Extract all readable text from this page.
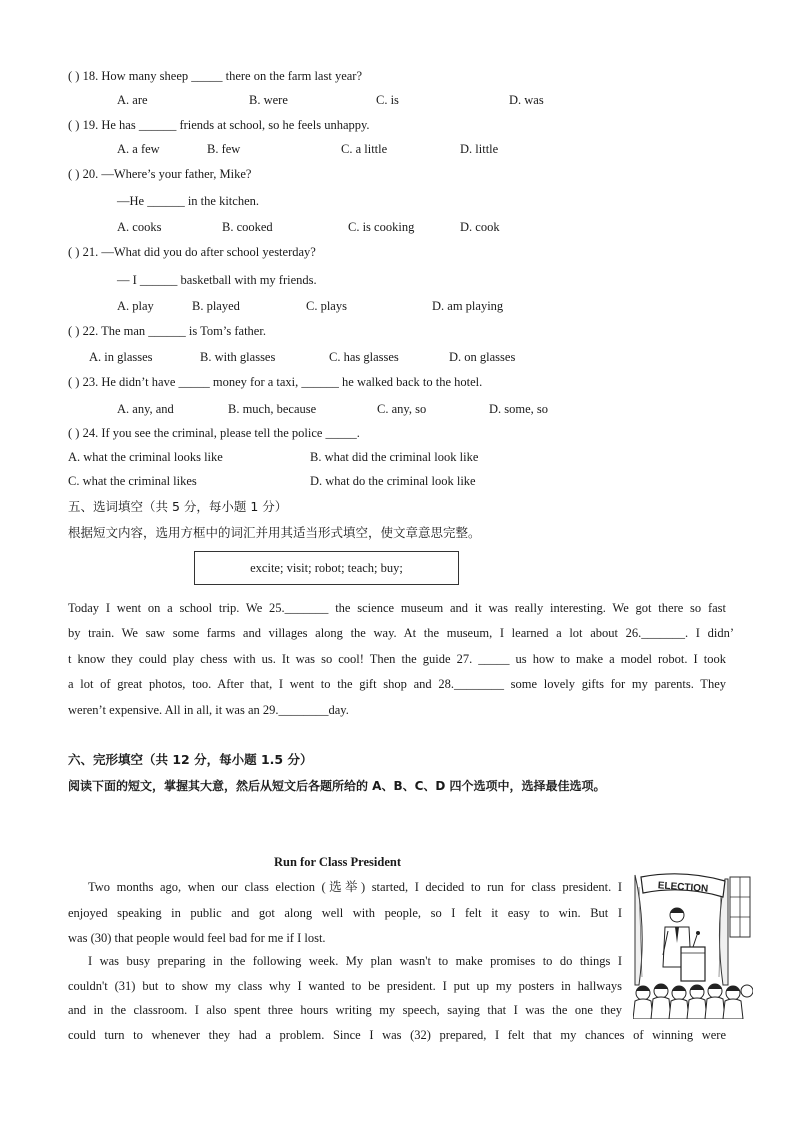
( ) 18. How many sheep _____ there on the farm last year?
A. are	B. were	C. is	D. was
( ) 19. He has ______ friends at school, so he feels unhappy.
A. a few	B. few	C. a little	D. little
( ) 20. —Where’s your father, Mike?
—He ______ in the kitchen.
A. cooks	B. cooked	C. is cooking	D. cook
( ) 21. —What did you do after school yesterday?
— I ______ basketball with my friends.
A. play	B. played	C. plays	D. am playing
( ) 22. The man ______ is Tom’s father.
A. in glasses	B. with glasses	C. has glasses	D. on glasses
( ) 23. He didn’t have _____ money for a taxi, ______ he walked back to the hotel.
A. any, and	B. much, because	C. any, so	D. some, so
( ) 24. If you see the criminal, please tell the police _____.
A. what the criminal looks like	B. what did the criminal look like
C. what the criminal likes	D. what do the criminal look like
五、选词填空（共 5 分，每小题 1 分）
根据短文内容，选用方框中的词汇并用其适当形式填空，使文章意思完整。
excite; visit; robot; teach; buy;
Today I went on a school trip. We 25._______ the science museum and it was really interesting. We got there so fast
by train. We saw some farms and villages along the way. At the museum, I learned a lot about 26._______. I didn’
t know they could play chess with us. It was so cool! Then the guide 27. _____ us how to make a model robot. I took
a lot of great photos, too. After that, I went to the gift shop and 28.________ some lovely gifts for my parents. They
weren’t expensive. All in all, it was an 29.________day.
六、完形填空（共 12 分，每小题 1.5 分）
阅读下面的短文，掌握其大意，然后从短文后各题所给的 A、B、C、D 四个选项中，选择最佳选项。
Run for Class President
Two months ago, when our class election (选举) started, I decided to run for class president. I
enjoyed speaking in public and got along well with people, so I felt it easy to win. But I
was (30) that people would feel bad for me if I lost.
I was busy preparing in the following week. My plan wasn't to make promises to do things I
couldn't (31) but to show my class why I wanted to be president. I put up my posters in hallways
and in the classroom. I also spent three hours writing my speech, saying that I was the one they
could turn to whenever they had a problem. Since I was (32) prepared, I felt that my chances of winning were
ELECTION
